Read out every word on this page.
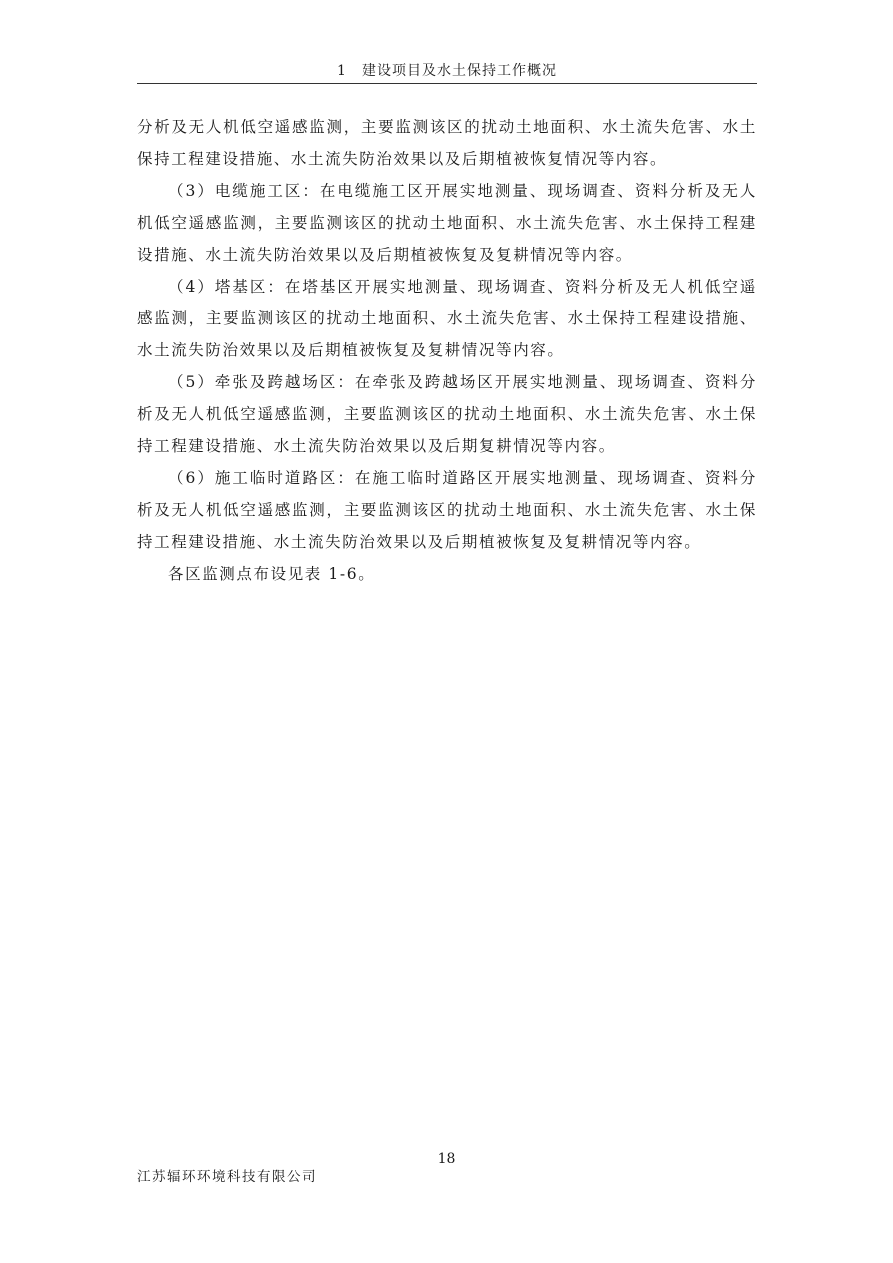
1　建设项目及水土保持工作概况

分析及无人机低空遥感监测，主要监测该区的扰动土地面积、水土流失危害、水土保持工程建设措施、水土流失防治效果以及后期植被恢复情况等内容。

（3）电缆施工区：在电缆施工区开展实地测量、现场调查、资料分析及无人机低空遥感监测，主要监测该区的扰动土地面积、水土流失危害、水土保持工程建设措施、水土流失防治效果以及后期植被恢复及复耕情况等内容。

（4）塔基区：在塔基区开展实地测量、现场调查、资料分析及无人机低空遥感监测，主要监测该区的扰动土地面积、水土流失危害、水土保持工程建设措施、水土流失防治效果以及后期植被恢复及复耕情况等内容。

（5）牵张及跨越场区：在牵张及跨越场区开展实地测量、现场调查、资料分析及无人机低空遥感监测，主要监测该区的扰动土地面积、水土流失危害、水土保持工程建设措施、水土流失防治效果以及后期复耕情况等内容。

（6）施工临时道路区：在施工临时道路区开展实地测量、现场调查、资料分析及无人机低空遥感监测，主要监测该区的扰动土地面积、水土流失危害、水土保持工程建设措施、水土流失防治效果以及后期植被恢复及复耕情况等内容。

各区监测点布设见表 1-6。

18
江苏辐环环境科技有限公司
